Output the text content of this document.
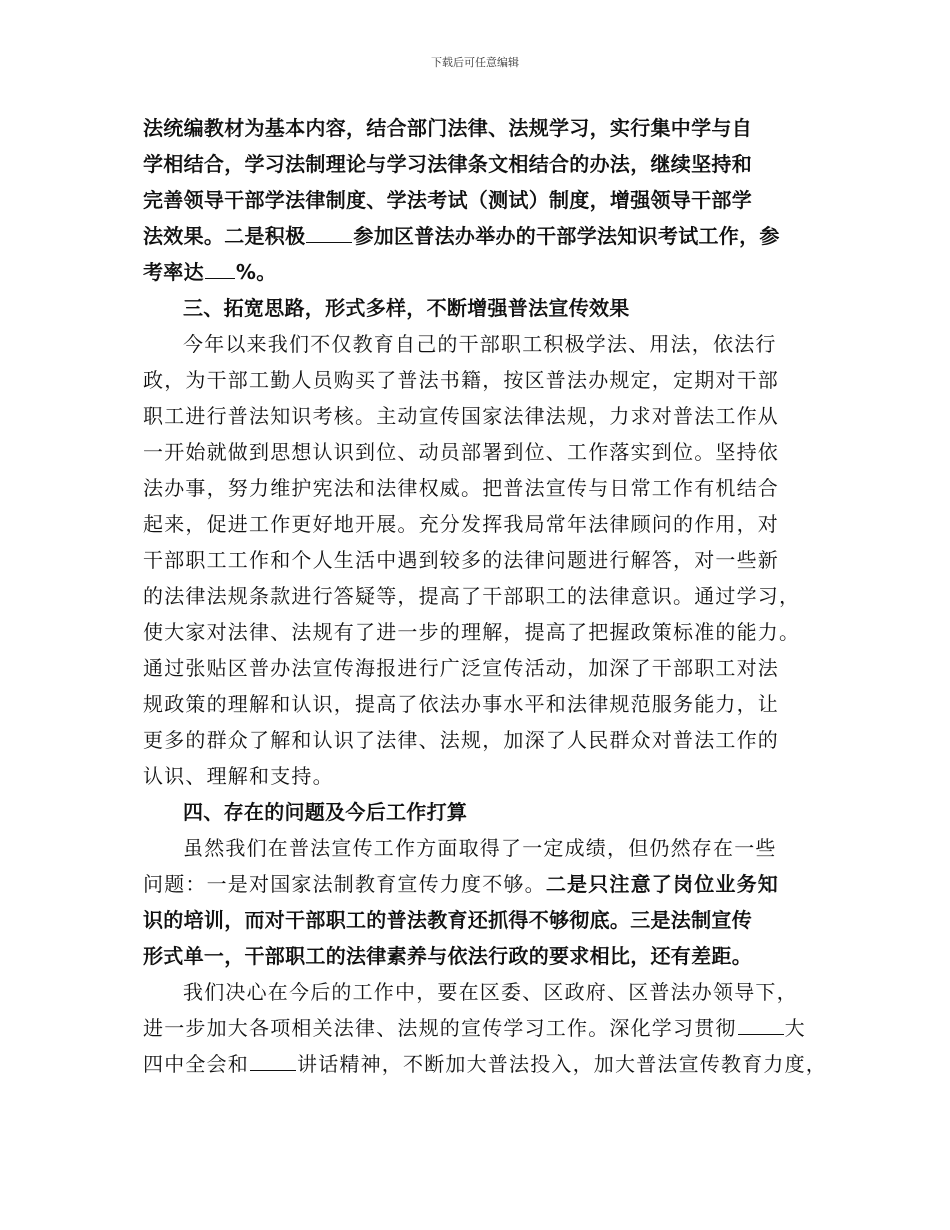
下载后可任意编辑

法统编教材为基本内容，结合部门法律、法规学习，实行集中学与自

学相结合，学习法制理论与学习法律条文相结合的办法，继续坚持和

完善领导干部学法律制度、学法考试（测试）制度，增强领导干部学

法效果。二是积极 参加区普法办举办的干部学法知识考试工作，参

考率达 %。

三、拓宽思路，形式多样，不断增强普法宣传效果

今年以来我们不仅教育自己的干部职工积极学法、用法，依法行

政，为干部工勤人员购买了普法书籍，按区普法办规定，定期对干部

职工进行普法知识考核。主动宣传国家法律法规，力求对普法工作从

一开始就做到思想认识到位、动员部署到位、工作落实到位。坚持依

法办事，努力维护宪法和法律权威。把普法宣传与日常工作有机结合

起来，促进工作更好地开展。充分发挥我局常年法律顾问的作用，对

干部职工工作和个人生活中遇到较多的法律问题进行解答，对一些新

的法律法规条款进行答疑等，提高了干部职工的法律意识。通过学习，

使大家对法律、法规有了进一步的理解，提高了把握政策标准的能力。

通过张贴区普办法宣传海报进行广泛宣传活动，加深了干部职工对法

规政策的理解和认识，提高了依法办事水平和法律规范服务能力，让

更多的群众了解和认识了法律、法规，加深了人民群众对普法工作的

认识、理解和支持。

四、存在的问题及今后工作打算

虽然我们在普法宣传工作方面取得了一定成绩，但仍然存在一些

问题：一是对国家法制教育宣传力度不够。二是只注意了岗位业务知

识的培训，而对干部职工的普法教育还抓得不够彻底。三是法制宣传

形式单一，干部职工的法律素养与依法行政的要求相比，还有差距。

我们决心在今后的工作中，要在区委、区政府、区普法办领导下，

进一步加大各项相关法律、法规的宣传学习工作。深化学习贯彻 大

四中全会和 讲话精神，不断加大普法投入，加大普法宣传教育力度，
